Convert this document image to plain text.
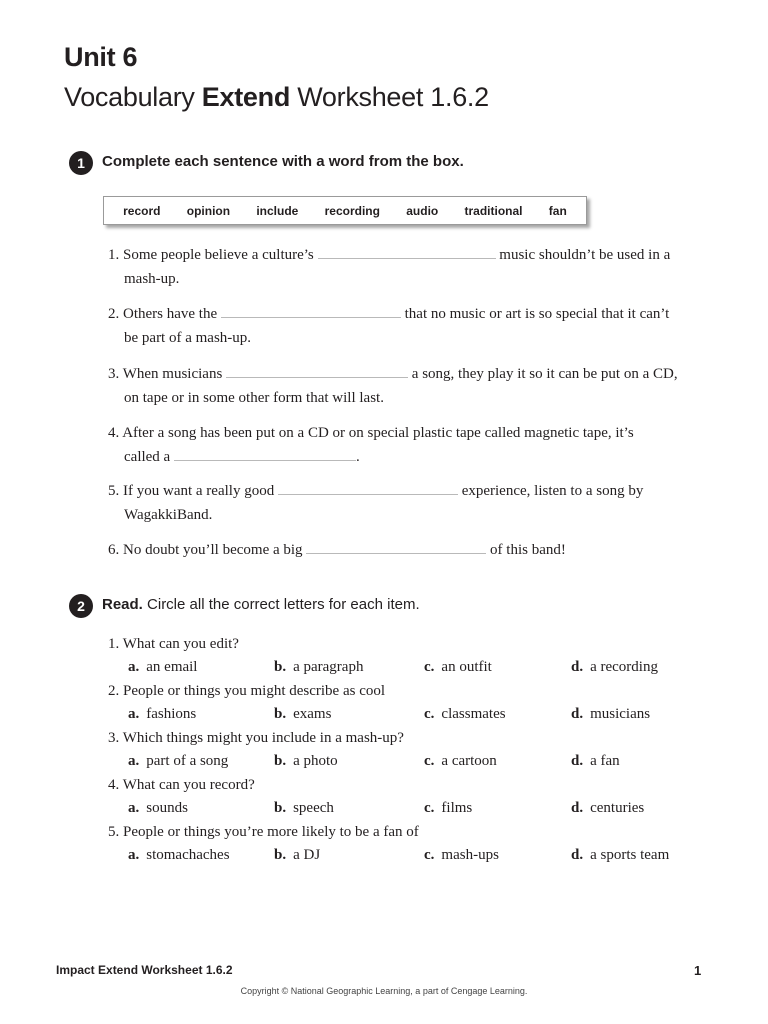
Unit 6
Vocabulary Extend Worksheet 1.6.2
1	Complete each sentence with a word from the box.
record opinion include recording audio traditional fan
1. Some people believe a culture’s	music shouldn’t be used in a
mash-up.
2. Others have the	that no music or art is so special that it can’t
be part of a mash-up.
3. When musicians	a song, they play it so it can be put on a CD,
on tape or in some other form that will last.
4. After a song has been put on a CD or on special plastic tape called magnetic tape, it’s
called a	.
5. If you want a really good	experience, listen to a song by
WagakkiBand.
6. No doubt you’ll become a big	of this band!
2	Read. Circle all the correct letters for each item.
1. What can you edit?
a. an email	b. a paragraph	c. an outfit	d. a recording
2. People or things you might describe as cool
a. fashions	b. exams	c. classmates	d. musicians
3. Which things might you include in a mash-up?
a. part of a song	b. a photo	c. a cartoon	d. a fan
4. What can you record?
a. sounds	b. speech	c. films	d. centuries
5. People or things you’re more likely to be a fan of
a. stomachaches	b. a DJ	c. mash-ups	d. a sports team
Impact Extend Worksheet 1.6.2	1
Copyright © National Geographic Learning, a part of Cengage Learning.
